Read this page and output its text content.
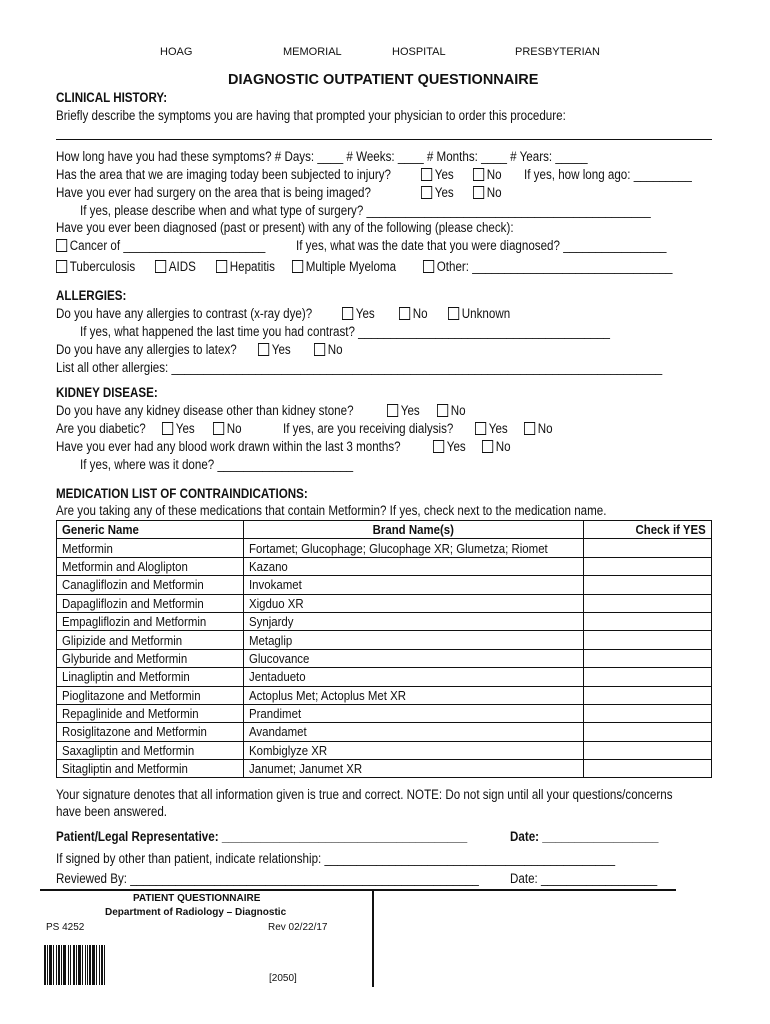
HOAG	MEMORIAL	HOSPITAL	PRESBYTERIAN
DIAGNOSTIC OUTPATIENT QUESTIONNAIRE
CLINICAL HISTORY:
Briefly describe the symptoms you are having that prompted your physician to order this procedure:
How long have you had these symptoms? # Days: ____ # Weeks: ____ # Months: ____ # Years: _____
Has the area that we are imaging today been subjected to injury?	Yes	No If yes, how long ago: _________
Have you ever had surgery on the area that is being imaged?	Yes	No
If yes, please describe when and what type of surgery? ____________________________________________
Have you ever been diagnosed (past or present) with any of the following (please check):
Cancer of ______________________ If yes, what was the date that you were diagnosed? ________________
Tuberculosis	AIDS	Hepatitis	Multiple Myeloma	Other: _______________________________
ALLERGIES:
Do you have any allergies to contrast (x-ray dye)?	Yes	No	Unknown
If yes, what happened the last time you had contrast? _______________________________________
Do you have any allergies to latex?	Yes	No
List all other allergies: ____________________________________________________________________________
KIDNEY DISEASE:
Do you have any kidney disease other than kidney stone?	Yes	No
Are you diabetic?	Yes	No	If yes, are you receiving dialysis?	Yes	No
Have you ever had any blood work drawn within the last 3 months?	Yes	No
If yes, where was it done? _____________________
MEDICATION LIST OF CONTRAINDICATIONS:
Are you taking any of these medications that contain Metformin? If yes, check next to the medication name.
Generic Name	Brand Name(s)	Check if YES
Metformin	Fortamet; Glucophage; Glucophage XR; Glumetza; Riomet	
Metformin and Aloglipton	Kazano	
Canagliflozin and Metformin	Invokamet	
Dapagliflozin and Metformin	Xigduo XR	
Empagliflozin and Metformin	Synjardy	
Glipizide and Metformin	Metaglip	
Glyburide and Metformin	Glucovance	
Linagliptin and Metformin	Jentadueto	
Pioglitazone and Metformin	Actoplus Met; Actoplus Met XR	
Repaglinide and Metformin	Prandimet	
Rosiglitazone and Metformin	Avandamet	
Saxagliptin and Metformin	Kombiglyze XR	
Sitagliptin and Metformin	Janumet; Janumet XR	
Your signature denotes that all information given is true and correct. NOTE: Do not sign until all your questions/concerns
have been answered.
Patient/Legal Representative: ______________________________________	Date: __________________
If signed by other than patient, indicate relationship: _____________________________________________
Reviewed By: ______________________________________________________ Date: __________________
PATIENT QUESTIONNAIRE
Department of Radiology – Diagnostic
PS 4252	Rev 02/22/17
[2050]
